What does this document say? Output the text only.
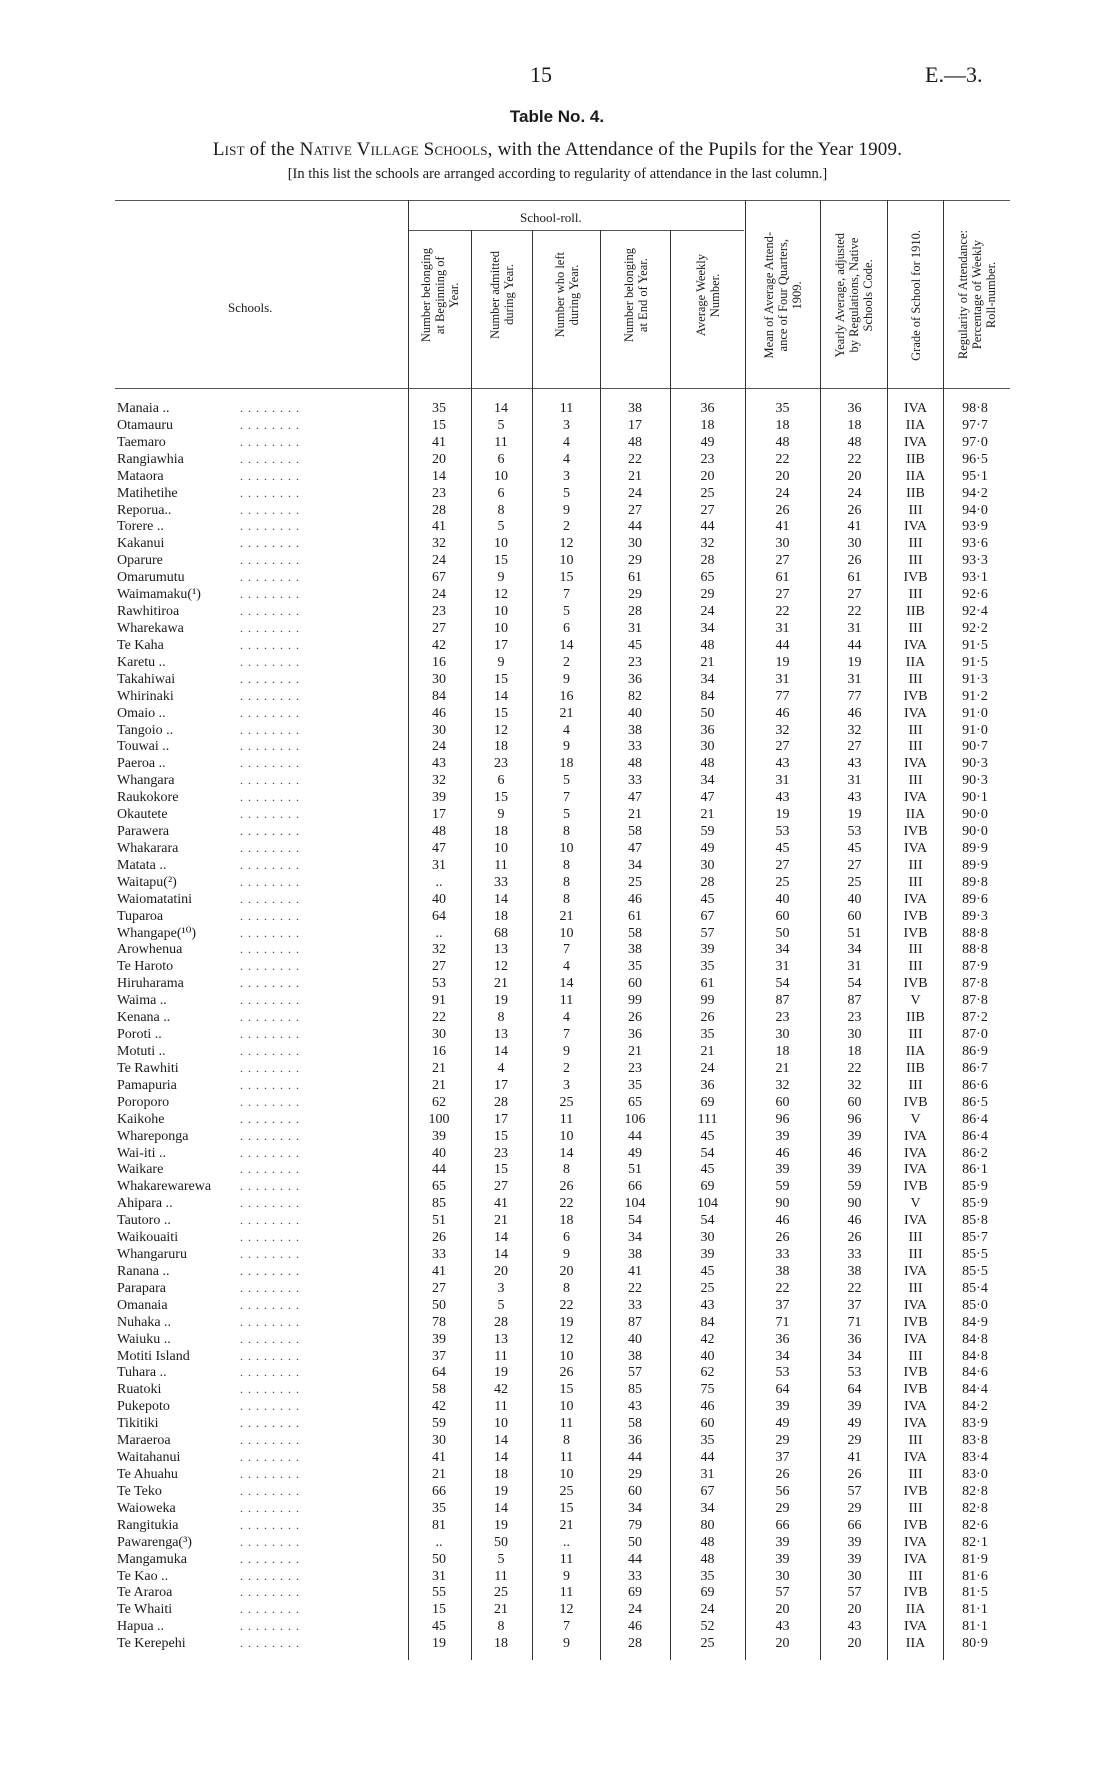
15	E.—3.
Table No. 4.
List of the Native Village Schools, with the Attendance of the Pupils for the Year 1909.
[In this list the schools are arranged according to regularity of attendance in the last column.]
School-roll.
Schools.	Number belonging
at Beginning of
Year.
Number admitted
during Year.
Number who left
during Year.
Number belonging
at End of Year.
Average Weekly
Number.
Mean of Average Attend-
ance of Four Quarters,
1909.
Yearly Average, adjusted
by Regulations, Native
Schools Code.	Grade of School for 1910.	Regularity of Attendance:
Percentage of Weekly
Roll-number.
. . . . . . . .
Manaia ..	35	14	11	38	36	35	36	IVA	98·8
. . . . . . . .
Otamauru	15	5	3	17	18	18	18	IIA	97·7
. . . . . . . .
Taemaro	41	11	4	48	49	48	48	IVA	97·0
. . . . . . . .
Rangiawhia	20	6	4	22	23	22	22	IIB	96·5
. . . . . . . .
Mataora	14	10	3	21	20	20	20	IIA	95·1
. . . . . . . .
Matihetihe	23	6	5	24	25	24	24	IIB	94·2
. . . . . . . .
Reporua..	28	8	9	27	27	26	26	III	94·0
. . . . . . . .
Torere ..	41	5	2	44	44	41	41	IVA	93·9
. . . . . . . .
Kakanui	32	10	12	30	32	30	30	III	93·6
. . . . . . . .
Oparure	24	15	10	29	28	27	26	III	93·3
. . . . . . . .
Omarumutu	67	9	15	61	65	61	61	IVB	93·1
. . . . . . . .
Waimamaku(¹)	24	12	7	29	29	27	27	III	92·6
. . . . . . . .
Rawhitiroa	23	10	5	28	24	22	22	IIB	92·4
. . . . . . . .
Wharekawa	27	10	6	31	34	31	31	III	92·2
. . . . . . . .
Te Kaha	42	17	14	45	48	44	44	IVA	91·5
. . . . . . . .
Karetu ..	16	9	2	23	21	19	19	IIA	91·5
. . . . . . . .
Takahiwai	30	15	9	36	34	31	31	III	91·3
. . . . . . . .
Whirinaki	84	14	16	82	84	77	77	IVB	91·2
. . . . . . . .
Omaio ..	46	15	21	40	50	46	46	IVA	91·0
. . . . . . . .
Tangoio ..	30	12	4	38	36	32	32	III	91·0
. . . . . . . .
Touwai ..	24	18	9	33	30	27	27	III	90·7
. . . . . . . .
Paeroa ..	43	23	18	48	48	43	43	IVA	90·3
. . . . . . . .
Whangara	32	6	5	33	34	31	31	III	90·3
. . . . . . . .
Raukokore	39	15	7	47	47	43	43	IVA	90·1
. . . . . . . .
Okautete	17	9	5	21	21	19	19	IIA	90·0
. . . . . . . .
Parawera	48	18	8	58	59	53	53	IVB	90·0
. . . . . . . .
Whakarara	47	10	10	47	49	45	45	IVA	89·9
. . . . . . . .
Matata ..	31	11	8	34	30	27	27	III	89·9
. . . . . . . .
Waitapu(²)	..	33	8	25	28	25	25	III	89·8
. . . . . . . .
Waiomatatini	40	14	8	46	45	40	40	IVA	89·6
. . . . . . . .
Tuparoa	64	18	21	61	67	60	60	IVB	89·3
. . . . . . . .
Whangape(¹⁰)	..	68	10	58	57	50	51	IVB	88·8
. . . . . . . .
Arowhenua	32	13	7	38	39	34	34	III	88·8
. . . . . . . .
Te Haroto	27	12	4	35	35	31	31	III	87·9
. . . . . . . .
Hiruharama	53	21	14	60	61	54	54	IVB	87·8
. . . . . . . .
Waima ..	91	19	11	99	99	87	87	V	87·8
. . . . . . . .
Kenana ..	22	8	4	26	26	23	23	IIB	87·2
. . . . . . . .
Poroti ..	30	13	7	36	35	30	30	III	87·0
. . . . . . . .
Motuti ..	16	14	9	21	21	18	18	IIA	86·9
. . . . . . . .
Te Rawhiti	21	4	2	23	24	21	22	IIB	86·7
. . . . . . . .
Pamapuria	21	17	3	35	36	32	32	III	86·6
. . . . . . . .
Poroporo	62	28	25	65	69	60	60	IVB	86·5
. . . . . . . .
Kaikohe	100	17	11	106	111	96	96	V	86·4
. . . . . . . .
Whareponga	39	15	10	44	45	39	39	IVA	86·4
. . . . . . . .
Wai-iti ..	40	23	14	49	54	46	46	IVA	86·2
. . . . . . . .
Waikare	44	15	8	51	45	39	39	IVA	86·1
. . . . . . . .
Whakarewarewa	65	27	26	66	69	59	59	IVB	85·9
. . . . . . . .
Ahipara ..	85	41	22	104	104	90	90	V	85·9
. . . . . . . .
Tautoro ..	51	21	18	54	54	46	46	IVA	85·8
. . . . . . . .
Waikouaiti	26	14	6	34	30	26	26	III	85·7
. . . . . . . .
Whangaruru	33	14	9	38	39	33	33	III	85·5
. . . . . . . .
Ranana ..	41	20	20	41	45	38	38	IVA	85·5
. . . . . . . .
Parapara	27	3	8	22	25	22	22	III	85·4
. . . . . . . .
Omanaia	50	5	22	33	43	37	37	IVA	85·0
. . . . . . . .
Nuhaka ..	78	28	19	87	84	71	71	IVB	84·9
. . . . . . . .
Waiuku ..	39	13	12	40	42	36	36	IVA	84·8
. . . . . . . .
Motiti Island	37	11	10	38	40	34	34	III	84·8
. . . . . . . .
Tuhara ..	64	19	26	57	62	53	53	IVB	84·6
. . . . . . . .
Ruatoki	58	42	15	85	75	64	64	IVB	84·4
. . . . . . . .
Pukepoto	42	11	10	43	46	39	39	IVA	84·2
. . . . . . . .
Tikitiki	59	10	11	58	60	49	49	IVA	83·9
. . . . . . . .
Maraeroa	30	14	8	36	35	29	29	III	83·8
. . . . . . . .
Waitahanui	41	14	11	44	44	37	41	IVA	83·4
. . . . . . . .
Te Ahuahu	21	18	10	29	31	26	26	III	83·0
. . . . . . . .
Te Teko	66	19	25	60	67	56	57	IVB	82·8
. . . . . . . .
Waioweka	35	14	15	34	34	29	29	III	82·8
. . . . . . . .
Rangitukia	81	19	21	79	80	66	66	IVB	82·6
. . . . . . . .
Pawarenga(³)	..	50	..	50	48	39	39	IVA	82·1
. . . . . . . .
Mangamuka	50	5	11	44	48	39	39	IVA	81·9
. . . . . . . .
Te Kao ..	31	11	9	33	35	30	30	III	81·6
. . . . . . . .
Te Araroa	55	25	11	69	69	57	57	IVB	81·5
. . . . . . . .
Te Whaiti	15	21	12	24	24	20	20	IIA	81·1
. . . . . . . .
Hapua ..	45	8	7	46	52	43	43	IVA	81·1
. . . . . . . .
Te Kerepehi	19	18	9	28	25	20	20	IIA	80·9
